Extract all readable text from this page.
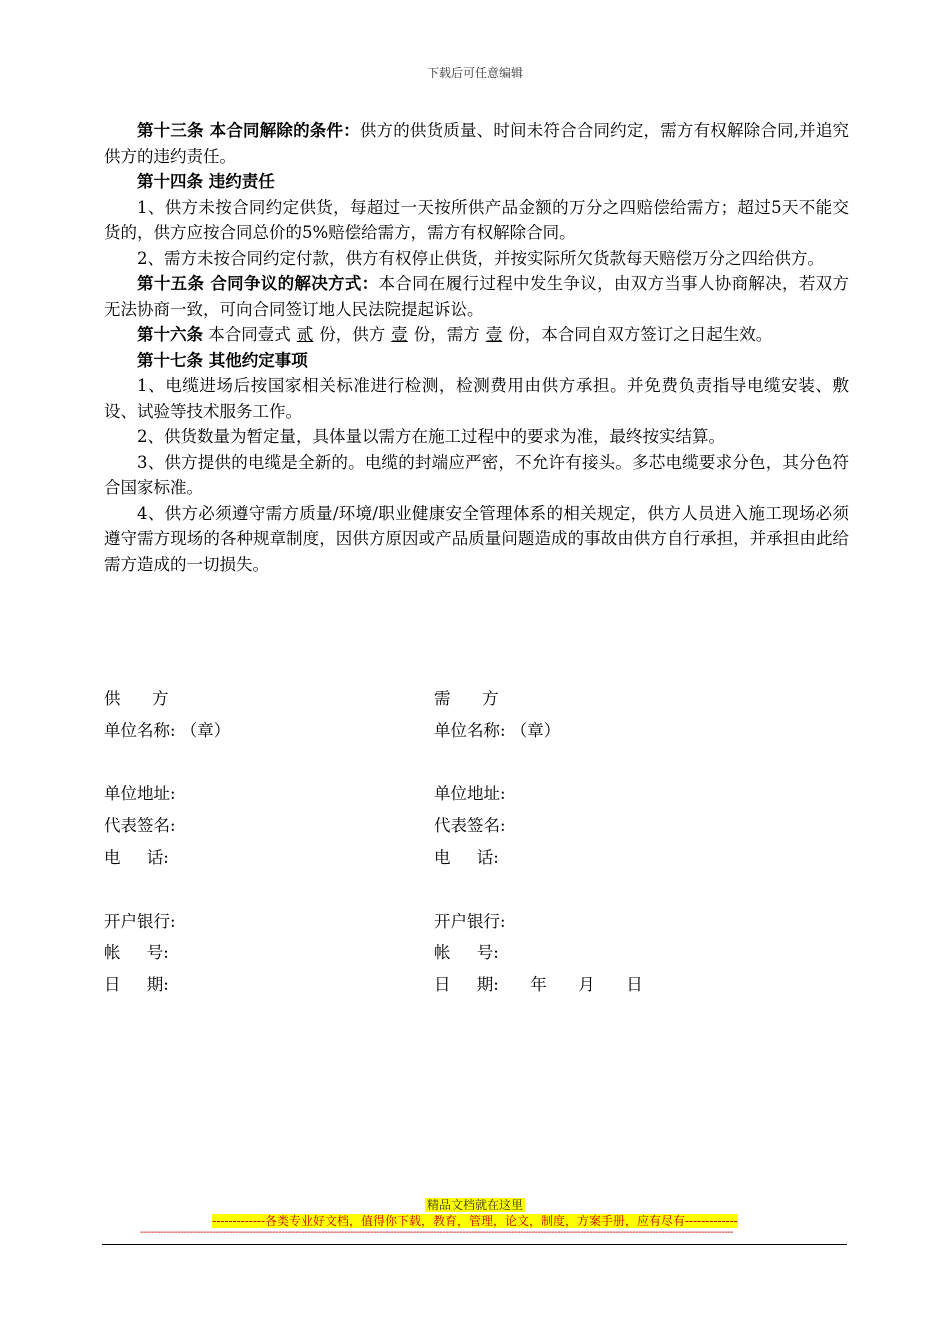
下载后可任意编辑

第十三条 本合同解除的条件：供方的供货质量、时间未符合合同约定，需方有权解除合同,并追究供方的违约责任。

第十四条 违约责任

1、供方未按合同约定供货，每超过一天按所供产品金额的万分之四赔偿给需方；超过5天不能交货的，供方应按合同总价的5%赔偿给需方，需方有权解除合同。

2、需方未按合同约定付款，供方有权停止供货，并按实际所欠货款每天赔偿万分之四给供方。

第十五条 合同争议的解决方式：本合同在履行过程中发生争议，由双方当事人协商解决，若双方无法协商一致，可向合同签订地人民法院提起诉讼。

第十六条 本合同壹式 贰 份，供方 壹 份，需方 壹 份，本合同自双方签订之日起生效。

第十七条 其他约定事项

1、电缆进场后按国家相关标准进行检测，检测费用由供方承担。并免费负责指导电缆安装、敷设、试验等技术服务工作。

2、供货数量为暂定量，具体量以需方在施工过程中的要求为准，最终按实结算。

3、供方提供的电缆是全新的。电缆的封端应严密，不允许有接头。多芯电缆要求分色，其分色符合国家标准。

4、供方必须遵守需方质量/环境/职业健康安全管理体系的相关规定，供方人员进入施工现场必须遵守需方现场的各种规章制度，因供方原因或产品质量问题造成的事故由供方自行承担，并承担由此给需方造成的一切损失。

供      方	需      方
单位名称: （章）	单位名称: （章）
单位地址:	单位地址:
代表签名:	代表签名:
电     话:	电     话:
开户银行:	开户银行:
帐     号:	帐     号:
日     期:	日     期:      年      月      日
精品文档就在这里
-------------各类专业好文档，值得你下载，教育，管理，论文，制度，方案手册，应有尽有-------------
--------------------------------------------------------------------------------------------------------------------------------------------------------------------------------------------------------------
